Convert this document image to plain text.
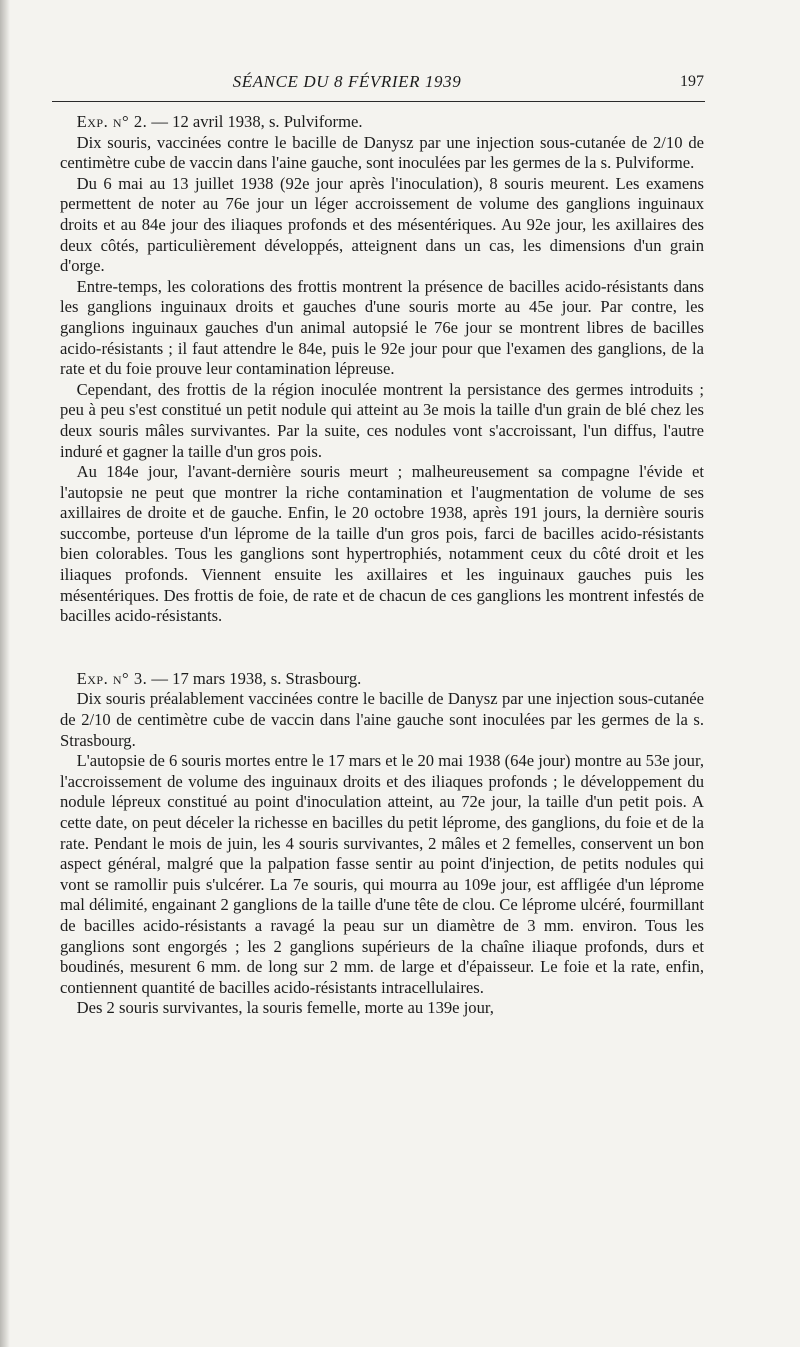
SÉANCE DU 8 FÉVRIER 1939	197

 Exp. n° 2. — 12 avril 1938, s. Pulviforme.

 Dix souris, vaccinées contre le bacille de Danysz par une injection sous-cutanée de 2/10 de centimètre cube de vaccin dans l'aine gauche, sont inoculées par les germes de la s. Pulviforme.

 Du 6 mai au 13 juillet 1938 (92e jour après l'inoculation), 8 souris meurent. Les examens permettent de noter au 76e jour un léger accroissement de volume des ganglions inguinaux droits et au 84e jour des iliaques profonds et des mésentériques. Au 92e jour, les axillaires des deux côtés, particulièrement développés, atteignent dans un cas, les dimensions d'un grain d'orge.

 Entre-temps, les colorations des frottis montrent la présence de bacilles acido-résistants dans les ganglions inguinaux droits et gauches d'une souris morte au 45e jour. Par contre, les ganglions inguinaux gauches d'un animal autopsié le 76e jour se montrent libres de bacilles acido-résistants ; il faut attendre le 84e, puis le 92e jour pour que l'examen des ganglions, de la rate et du foie prouve leur contamination lépreuse.

 Cependant, des frottis de la région inoculée montrent la persistance des germes introduits ; peu à peu s'est constitué un petit nodule qui atteint au 3e mois la taille d'un grain de blé chez les deux souris mâles survivantes. Par la suite, ces nodules vont s'accroissant, l'un diffus, l'autre induré et gagner la taille d'un gros pois.

 Au 184e jour, l'avant-dernière souris meurt ; malheureusement sa compagne l'évide et l'autopsie ne peut que montrer la riche contamination et l'augmentation de volume de ses axillaires de droite et de gauche. Enfin, le 20 octobre 1938, après 191 jours, la dernière souris succombe, porteuse d'un lépromе de la taille d'un gros pois, farci de bacilles acido-résistants bien colorables. Tous les ganglions sont hypertrophiés, notamment ceux du côté droit et les iliaques profonds. Viennent ensuite les axillaires et les inguinaux gauches puis les mésentériques. Des frottis de foie, de rate et de chacun de ces ganglions les montrent infestés de bacilles acido-résistants.

 Exp. n° 3. — 17 mars 1938, s. Strasbourg.

 Dix souris préalablement vaccinées contre le bacille de Danysz par une injection sous-cutanée de 2/10 de centimètre cube de vaccin dans l'aine gauche sont inoculées par les germes de la s. Strasbourg.

 L'autopsie de 6 souris mortes entre le 17 mars et le 20 mai 1938 (64e jour) montre au 53e jour, l'accroissement de volume des inguinaux droits et des iliaques profonds ; le développement du nodule lépreux constitué au point d'inoculation atteint, au 72e jour, la taille d'un petit pois. A cette date, on peut déceler la richesse en bacilles du petit lépromе, des ganglions, du foie et de la rate. Pendant le mois de juin, les 4 souris survivantes, 2 mâles et 2 femelles, conservent un bon aspect général, malgré que la palpation fasse sentir au point d'injection, de petits nodules qui vont se ramollir puis s'ulcérer. La 7e souris, qui mourra au 109e jour, est affligée d'un lépromе mal délimité, engainant 2 ganglions de la taille d'une tête de clou. Ce lépromе ulcéré, fourmillant de bacilles acido-résistants a ravagé la peau sur un diamètre de 3 mm. environ. Tous les ganglions sont engorgés ; les 2 ganglions supérieurs de la chaîne iliaque profonds, durs et boudinés, mesurent 6 mm. de long sur 2 mm. de large et d'épaisseur. Le foie et la rate, enfin, contiennent quantité de bacilles acido-résistants intracellulaires.

 Des 2 souris survivantes, la souris femelle, morte au 139e jour,
